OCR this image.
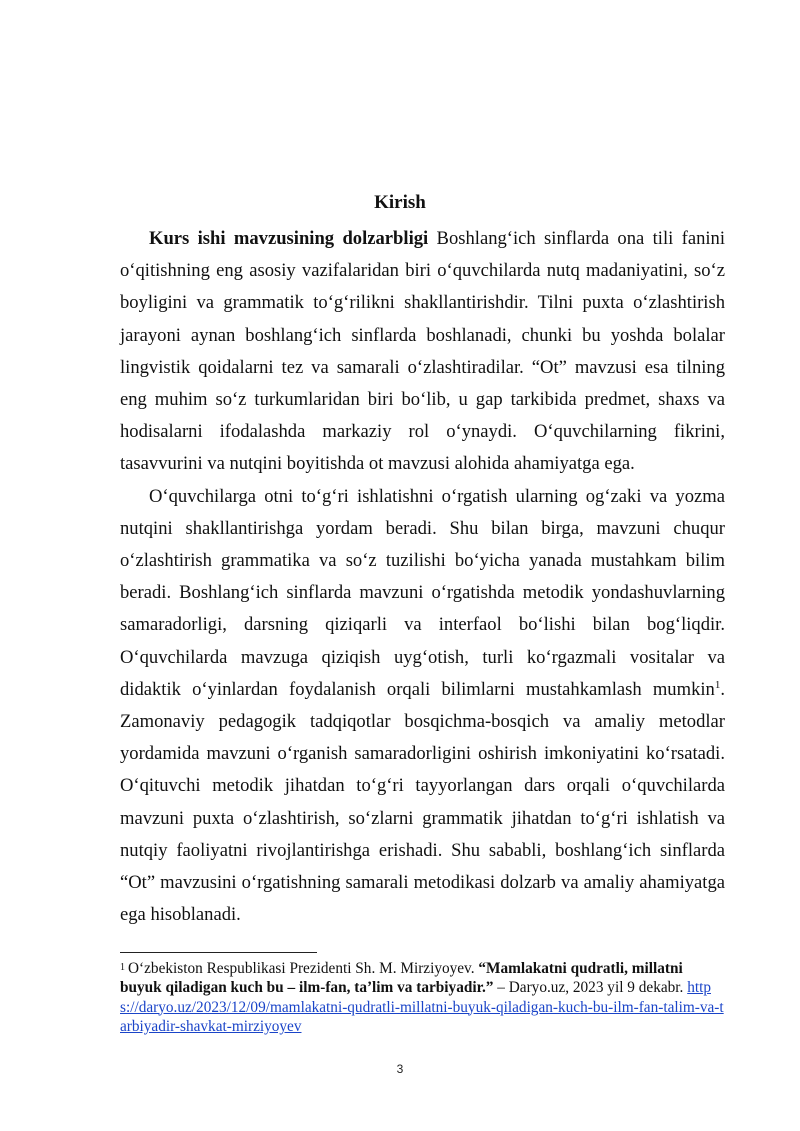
Kirish

Kurs ishi mavzusining dolzarbligi Boshlang‘ich sinflarda ona tili fanini o‘qitishning eng asosiy vazifalaridan biri o‘quvchilarda nutq madaniyatini, so‘z boyligini va grammatik to‘g‘rilikni shakllantirishdir. Tilni puxta o‘zlashtirish jarayoni aynan boshlang‘ich sinflarda boshlanadi, chunki bu yoshda bolalar lingvistik qoidalarni tez va samarali o‘zlashtiradilar. “Ot” mavzusi esa tilning eng muhim so‘z turkumlaridan biri bo‘lib, u gap tarkibida predmet, shaxs va hodisalarni ifodalashda markaziy rol o‘ynaydi. O‘quvchilarning fikrini, tasavvurini va nutqini boyitishda ot mavzusi alohida ahamiyatga ega.

O‘quvchilarga otni to‘g‘ri ishlatishni o‘rgatish ularning og‘zaki va yozma nutqini shakllantirishga yordam beradi. Shu bilan birga, mavzuni chuqur o‘zlashtirish grammatika va so‘z tuzilishi bo‘yicha yanada mustahkam bilim beradi. Boshlang‘ich sinflarda mavzuni o‘rgatishda metodik yondashuvlarning samaradorligi, darsning qiziqarli va interfaol bo‘lishi bilan bog‘liqdir. O‘quvchilarda mavzuga qiziqish uyg‘otish, turli ko‘rgazmali vositalar va didaktik o‘yinlardan foydalanish orqali bilimlarni mustahkamlash mumkin$^1$. Zamonaviy pedagogik tadqiqotlar bosqichma-bosqich va amaliy metodlar yordamida mavzuni o‘rganish samaradorligini oshirish imkoniyatini ko‘rsatadi. O‘qituvchi metodik jihatdan to‘g‘ri tayyorlangan dars orqali o‘quvchilarda mavzuni puxta o‘zlashtirish, so‘zlarni grammatik jihatdan to‘g‘ri ishlatish va nutqiy faoliyatni rivojlantirishga erishadi. Shu sababli, boshlang‘ich sinflarda “Ot” mavzusini o‘rgatishning samarali metodikasi dolzarb va amaliy ahamiyatga ega hisoblanadi.

1 O‘zbekiston Respublikasi Prezidenti Sh. M. Mirziyoyev. “Mamlakatni qudratli, millatni buyuk qiladigan kuch bu – ilm-fan, ta’lim va tarbiyadir.” – Daryo.uz, 2023 yil 9 dekabr. https://daryo.uz/2023/12/09/mamlakatni-qudratli-millatni-buyuk-qiladigan-kuch-bu-ilm-fan-talim-va-tarbiyadir-shavkat-mirziyoyev
3
